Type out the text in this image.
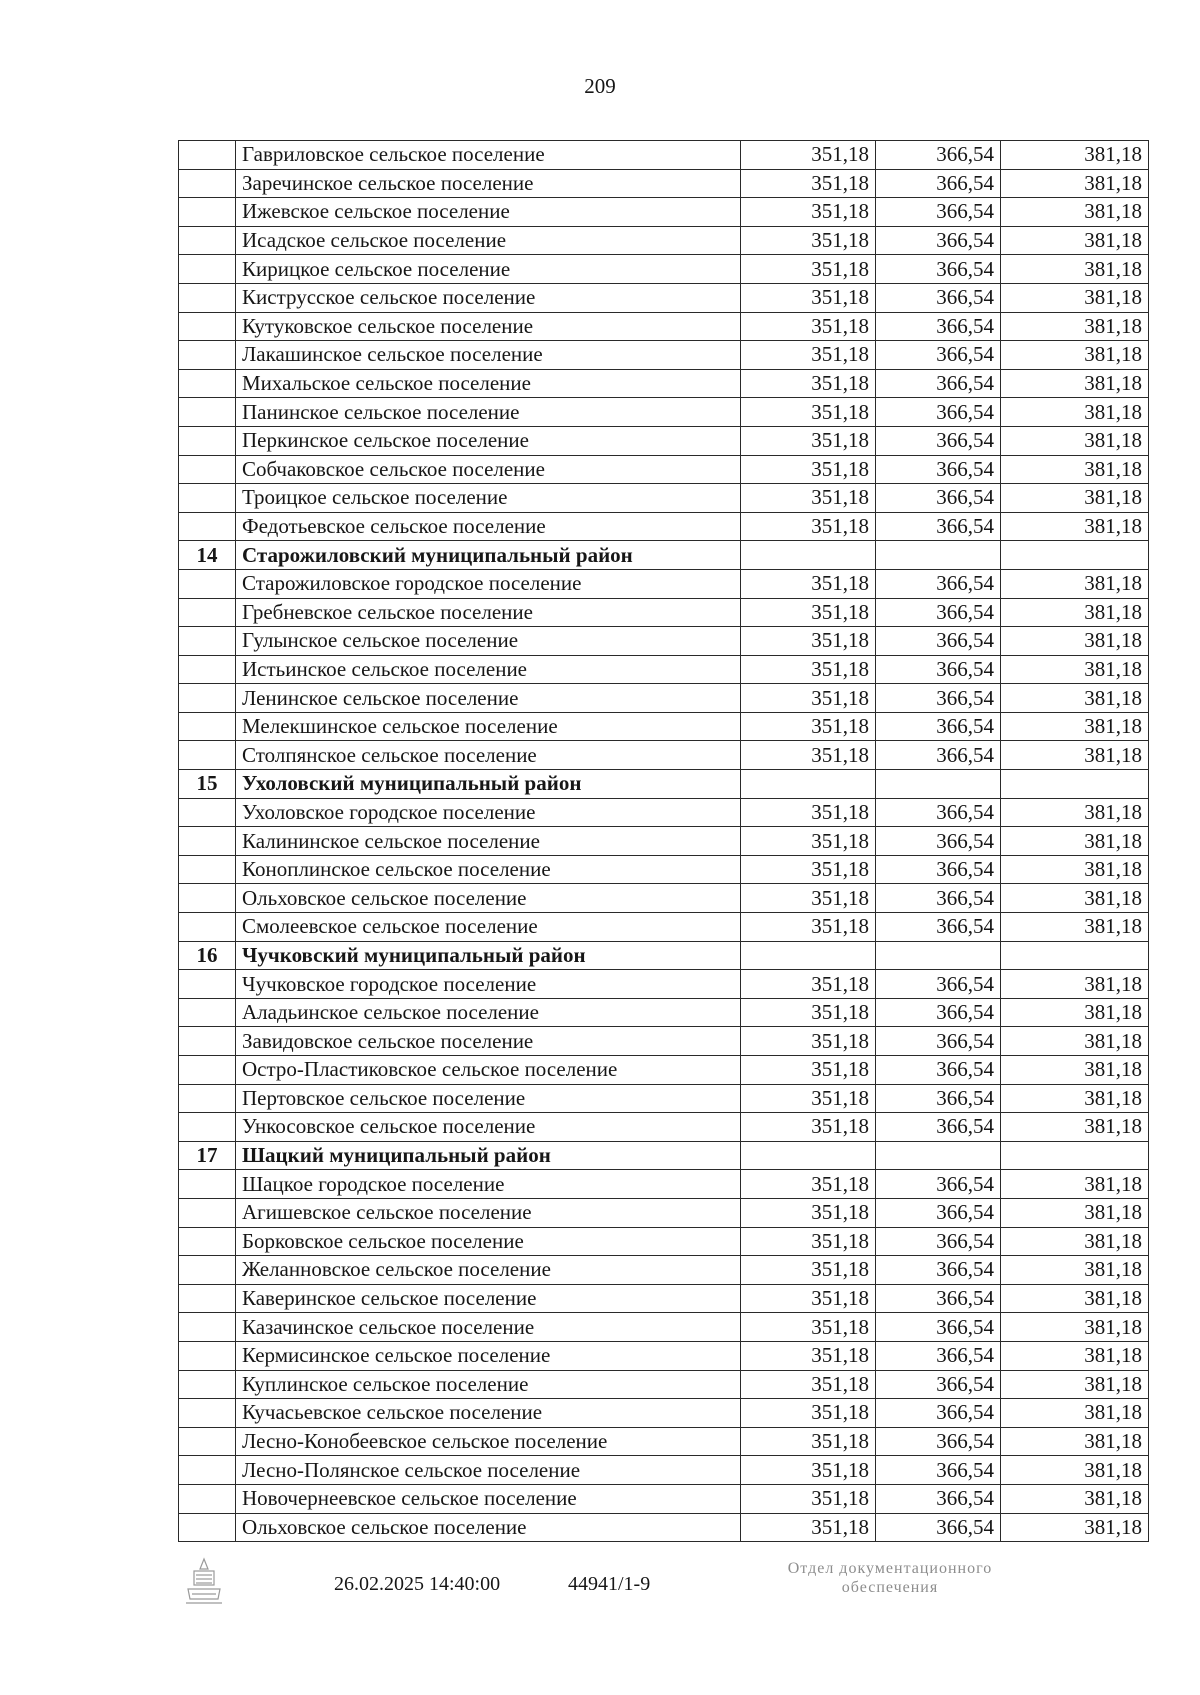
209
	Гавриловское сельское поселение	351,18	366,54	381,18
	Заречинское сельское поселение	351,18	366,54	381,18
	Ижевское сельское поселение	351,18	366,54	381,18
	Исадское сельское поселение	351,18	366,54	381,18
	Кирицкое сельское поселение	351,18	366,54	381,18
	Киструсское сельское поселение	351,18	366,54	381,18
	Кутуковское сельское поселение	351,18	366,54	381,18
	Лакашинское сельское поселение	351,18	366,54	381,18
	Михальское сельское поселение	351,18	366,54	381,18
	Панинское сельское поселение	351,18	366,54	381,18
	Перкинское сельское поселение	351,18	366,54	381,18
	Собчаковское сельское поселение	351,18	366,54	381,18
	Троицкое сельское поселение	351,18	366,54	381,18
	Федотьевское сельское поселение	351,18	366,54	381,18
14	Старожиловский муниципальный район			
	Старожиловское городское поселение	351,18	366,54	381,18
	Гребневское сельское поселение	351,18	366,54	381,18
	Гулынское сельское поселение	351,18	366,54	381,18
	Истьинское сельское поселение	351,18	366,54	381,18
	Ленинское сельское поселение	351,18	366,54	381,18
	Мелекшинское сельское поселение	351,18	366,54	381,18
	Столпянское сельское поселение	351,18	366,54	381,18
15	Ухоловский муниципальный район			
	Ухоловское городское поселение	351,18	366,54	381,18
	Калининское сельское поселение	351,18	366,54	381,18
	Коноплинское сельское поселение	351,18	366,54	381,18
	Ольховское сельское поселение	351,18	366,54	381,18
	Смолеевское сельское поселение	351,18	366,54	381,18
16	Чучковский муниципальный район			
	Чучковское городское поселение	351,18	366,54	381,18
	Аладьинское сельское поселение	351,18	366,54	381,18
	Завидовское сельское поселение	351,18	366,54	381,18
	Остро-Пластиковское сельское поселение	351,18	366,54	381,18
	Пертовское сельское поселение	351,18	366,54	381,18
	Ункосовское сельское поселение	351,18	366,54	381,18
17	Шацкий муниципальный район			
	Шацкое городское поселение	351,18	366,54	381,18
	Агишевское сельское поселение	351,18	366,54	381,18
	Борковское сельское поселение	351,18	366,54	381,18
	Желанновское сельское поселение	351,18	366,54	381,18
	Каверинское сельское поселение	351,18	366,54	381,18
	Казачинское сельское поселение	351,18	366,54	381,18
	Кермисинское сельское поселение	351,18	366,54	381,18
	Куплинское сельское поселение	351,18	366,54	381,18
	Кучасьевское сельское поселение	351,18	366,54	381,18
	Лесно-Конобеевское сельское поселение	351,18	366,54	381,18
	Лесно-Полянское сельское поселение	351,18	366,54	381,18
	Новочернеевское сельское поселение	351,18	366,54	381,18
	Ольховское сельское поселение	351,18	366,54	381,18
26.02.2025 14:40:00	44941/1-9
Отдел документационного
обеспечения
